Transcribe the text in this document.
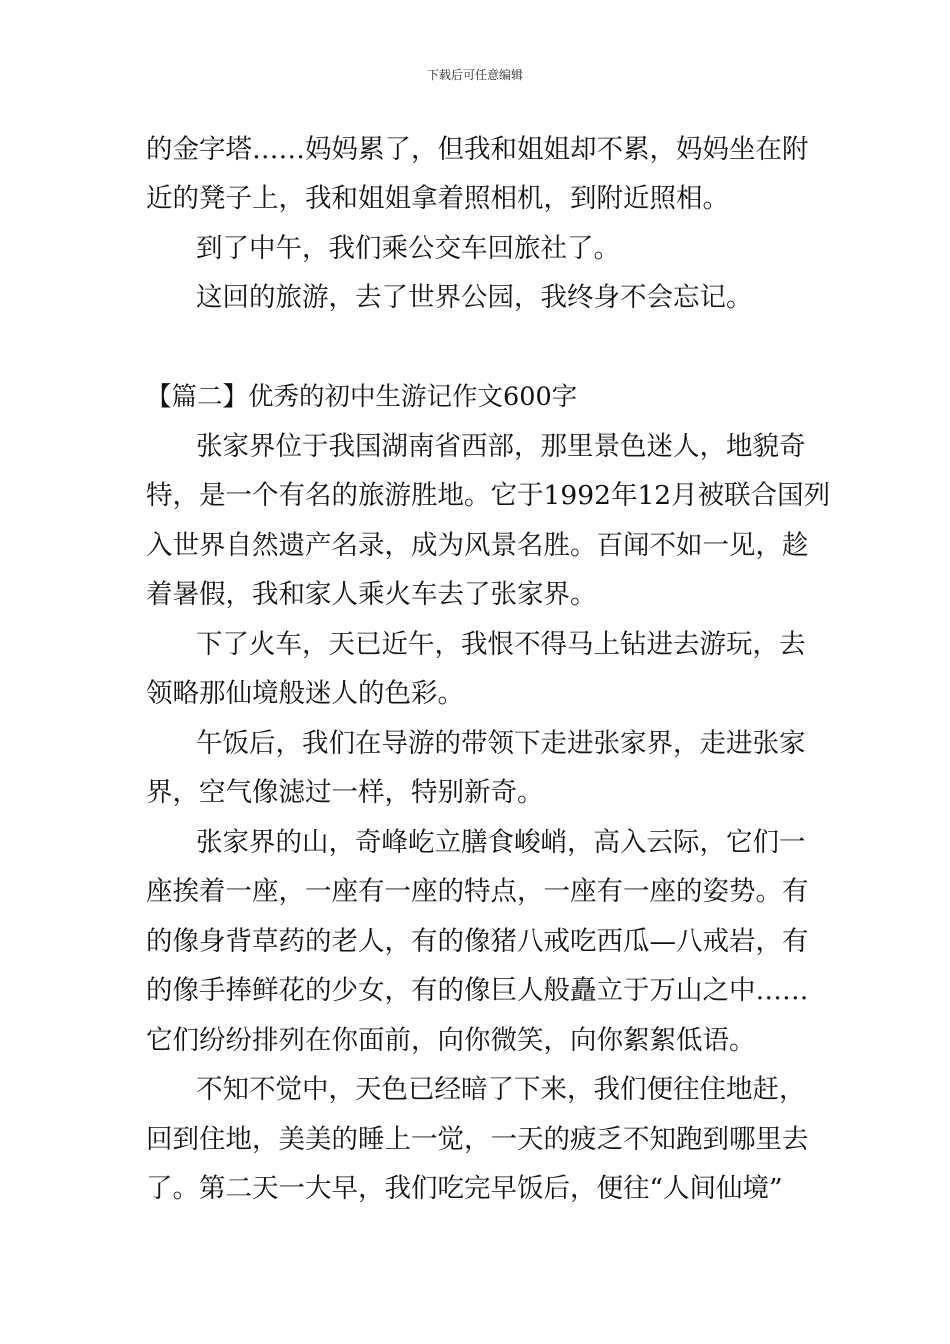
下载后可任意编辑
的金字塔……妈妈累了，但我和姐姐却不累，妈妈坐在附
近的凳子上，我和姐姐拿着照相机，到附近照相。
到了中午，我们乘公交车回旅社了。
这回的旅游，去了世界公园，我终身不会忘记。
【篇二】优秀的初中生游记作文600字
张家界位于我国湖南省西部，那里景色迷人，地貌奇
特，是一个有名的旅游胜地。它于1992年12月被联合国列
入世界自然遗产名录，成为风景名胜。百闻不如一见，趁
着暑假，我和家人乘火车去了张家界。
下了火车，天已近午，我恨不得马上钻进去游玩，去
领略那仙境般迷人的色彩。
午饭后，我们在导游的带领下走进张家界，走进张家
界，空气像滤过一样，特别新奇。
张家界的山，奇峰屹立膳食峻峭，高入云际，它们一
座挨着一座，一座有一座的特点，一座有一座的姿势。有
的像身背草药的老人，有的像猪八戒吃西瓜—八戒岩，有
的像手捧鲜花的少女，有的像巨人般矗立于万山之中……
它们纷纷排列在你面前，向你微笑，向你絮絮低语。
不知不觉中，天色已经暗了下来，我们便往住地赶，
回到住地，美美的睡上一觉，一天的疲乏不知跑到哪里去
了。第二天一大早，我们吃完早饭后，便往“人间仙境”
